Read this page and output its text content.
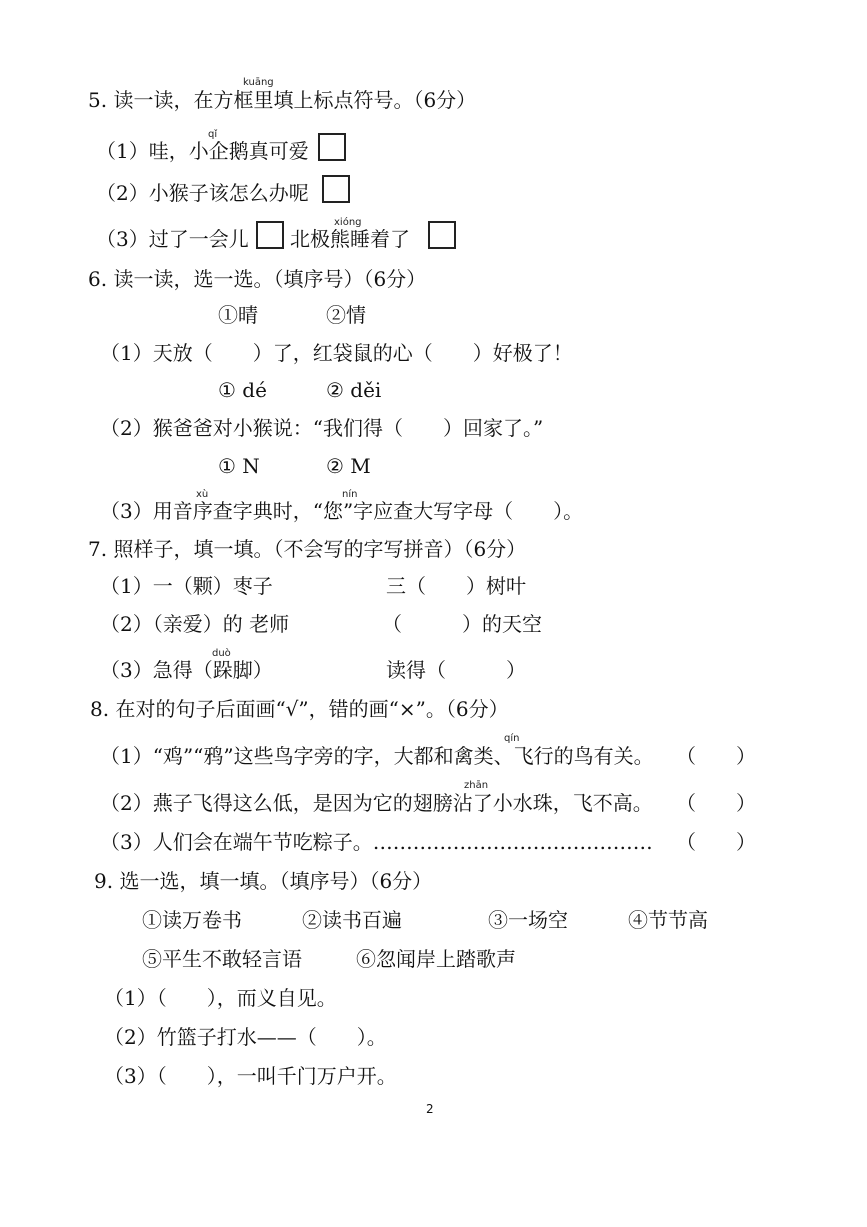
kuāng
5. 读一读，在方框里填上标点符号。（6分）
qǐ
（1）哇，小企鹅真可爱
（2）小猴子该怎么办呢
（3）过了一会儿
xióng
北极熊睡着了
6. 读一读，选一选。（填序号）（6分）
①晴	②情
（1）天放（　　）了，红袋鼠的心（　　）好极了！
① dé	② děi
（2）猴爸爸对小猴说：“我们得（　　）回家了。”
① N	② M
xù	nín
（3）用音序查字典时，“您”字应查大写字母（　　）。
7. 照样子，填一填。（不会写的字写拼音）（6分）
（1）一（颗）枣子	三（　　）树叶
（2）（亲爱）的 老师	（　　　）的天空
duò
（3）急得（跺脚）	读得（　　　）
8. 在对的句子后面画“√”，错的画“×”。（6分）
qín
（1）“鸡”“鸦”这些鸟字旁的字，大都和禽类、飞行的鸟有关。 （　　）
zhān
（2）燕子飞得这么低，是因为它的翅膀沾了小水珠，飞不高。 （　　）
（3）人们会在端午节吃粽子。…………………………………… （　　）
9. 选一选，填一填。（填序号）（6分）
①读万卷书	②读书百遍	③一场空	④节节高
⑤平生不敢轻言语	⑥忽闻岸上踏歌声
（1）（　　），而义自见。
（2）竹篮子打水——（　　）。
（3）（　　），一叫千门万户开。
2
